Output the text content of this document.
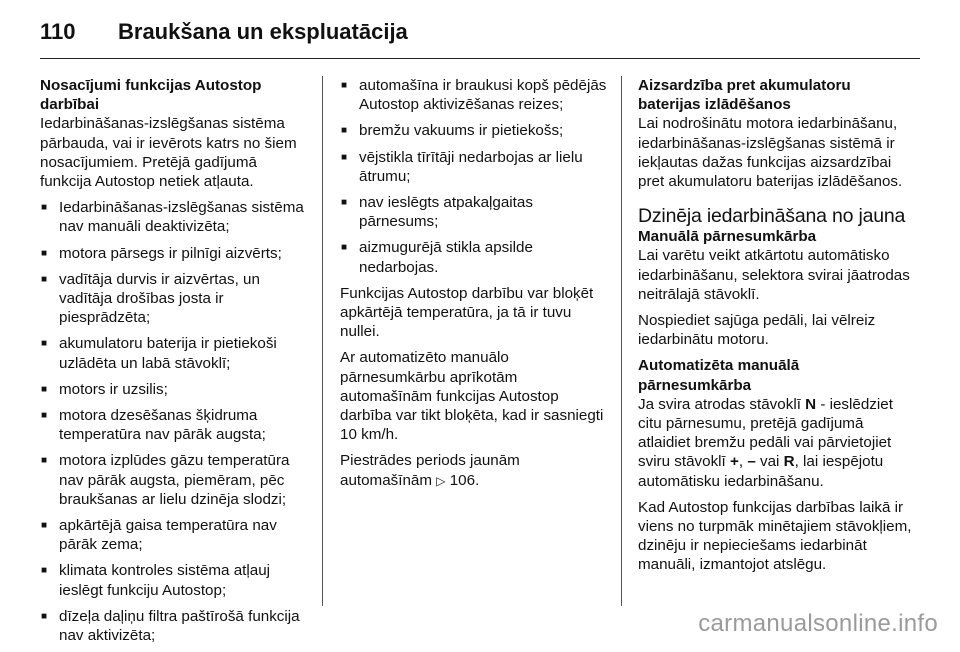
110	Braukšana un ekspluatācija
Nosacījumi funkcijas Autostop darbībai

Iedarbināšanas-izslēgšanas sistēma pārbauda, vai ir ievērots katrs no šiem nosacījumiem. Pretējā gadījumā funkcija Autostop netiek atļauta.

■ Iedarbināšanas-izslēgšanas sistēma nav manuāli deaktivizēta;
■ motora pārsegs ir pilnīgi aizvērts;
■ vadītāja durvis ir aizvērtas, un vadītāja drošības josta ir piesprādzēta;
■ akumulatoru baterija ir pietiekoši uzlādēta un labā stāvoklī;
■ motors ir uzsilis;
■ motora dzesēšanas šķidruma temperatūra nav pārāk augsta;
■ motora izplūdes gāzu temperatūra nav pārāk augsta, piemēram, pēc braukšanas ar lielu dzinēja slodzi;
■ apkārtējā gaisa temperatūra nav pārāk zema;
■ klimata kontroles sistēma atļauj ieslēgt funkciju Autostop;
■ dīzeļa daļiņu filtra paštīrošā funkcija nav aktivizēta;
■ automašīna ir braukusi kopš pēdējās Autostop aktivizēšanas reizes;
■ bremžu vakuums ir pietiekošs;
■ vējstikla tīrītāji nedarbojas ar lielu ātrumu;
■ nav ieslēgts atpakaļgaitas pārnesums;
■ aizmugurējā stikla apsilde nedarbojas.

Funkcijas Autostop darbību var bloķēt apkārtējā temperatūra, ja tā ir tuvu nullei.

Ar automatizēto manuālo pārnesumkārbu aprīkotām automašīnām funkcijas Autostop darbība var tikt bloķēta, kad ir sasniegti 10 km/h.

Piestrādes periods jaunām automašīnām ▷ 106.

Aizsardzība pret akumulatoru baterijas izlādēšanos

Lai nodrošinātu motora iedarbināšanu, iedarbināšanas-izslēgšanas sistēmā ir iekļautas dažas funkcijas aizsardzībai pret akumulatoru baterijas izlādēšanos.

Dzinēja iedarbināšana no jauna
Manuālā pārnesumkārba

Lai varētu veikt atkārtotu automātisko iedarbināšanu, selektora svirai jāatrodas neitrālajā stāvoklī.

Nospiediet sajūga pedāli, lai vēlreiz iedarbinātu motoru.

Automatizēta manuālā pārnesumkārba

Ja svira atrodas stāvoklī N - ieslēdziet citu pārnesumu, pretējā gadījumā atlaidiet bremžu pedāli vai pārvietojiet sviru stāvoklī +, – vai R, lai iespējotu automātisku iedarbināšanu.

Kad Autostop funkcijas darbības laikā ir viens no turpmāk minētajiem stāvokļiem, dzinēju ir nepieciešams iedarbināt manuāli, izmantojot atslēgu.

carmanualsonline.info
